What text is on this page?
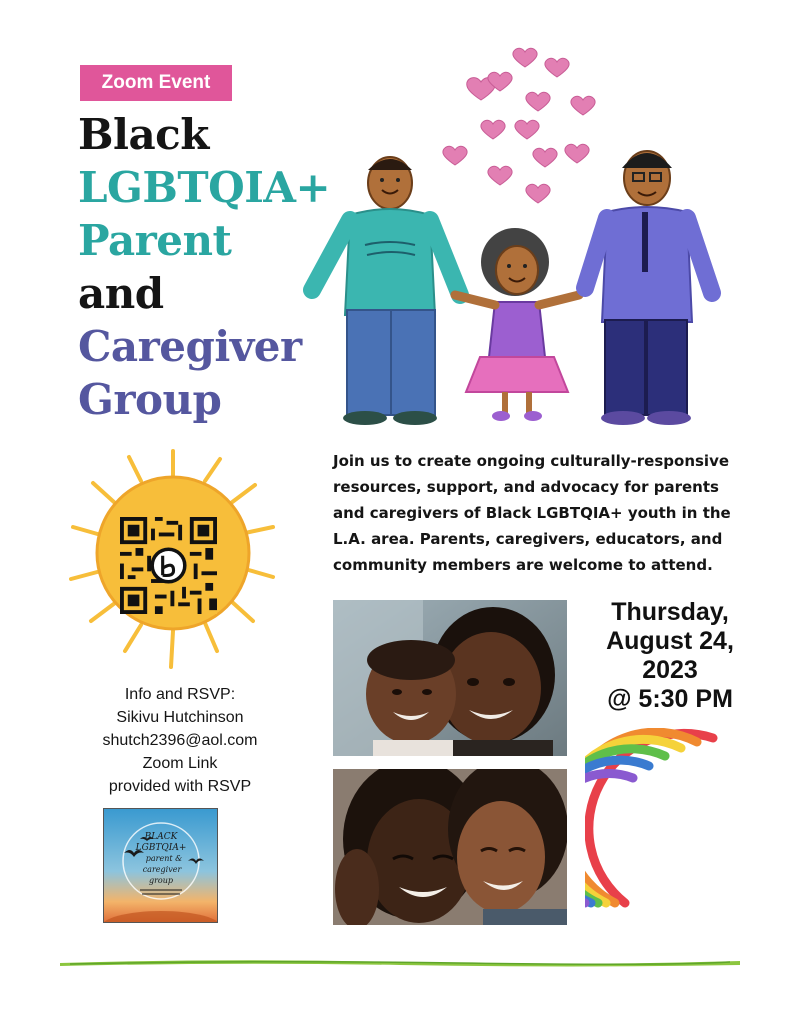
Zoom Event
Black
LGBTQIA+
Parent
and
Caregiver
Group

Join us to create ongoing culturally-responsive resources, support, and advocacy for parents and caregivers of Black LGBTQIA+ youth in the L.A. area. Parents, caregivers, educators, and community members are welcome to attend.

Info and RSVP:
Sikivu Hutchinson
shutch2396@aol.com
Zoom Link
provided with RSVP
BLACK
LGBTQIA+
parent &
caregiver
group
Thursday,
August 24,
2023
@ 5:30 PM
